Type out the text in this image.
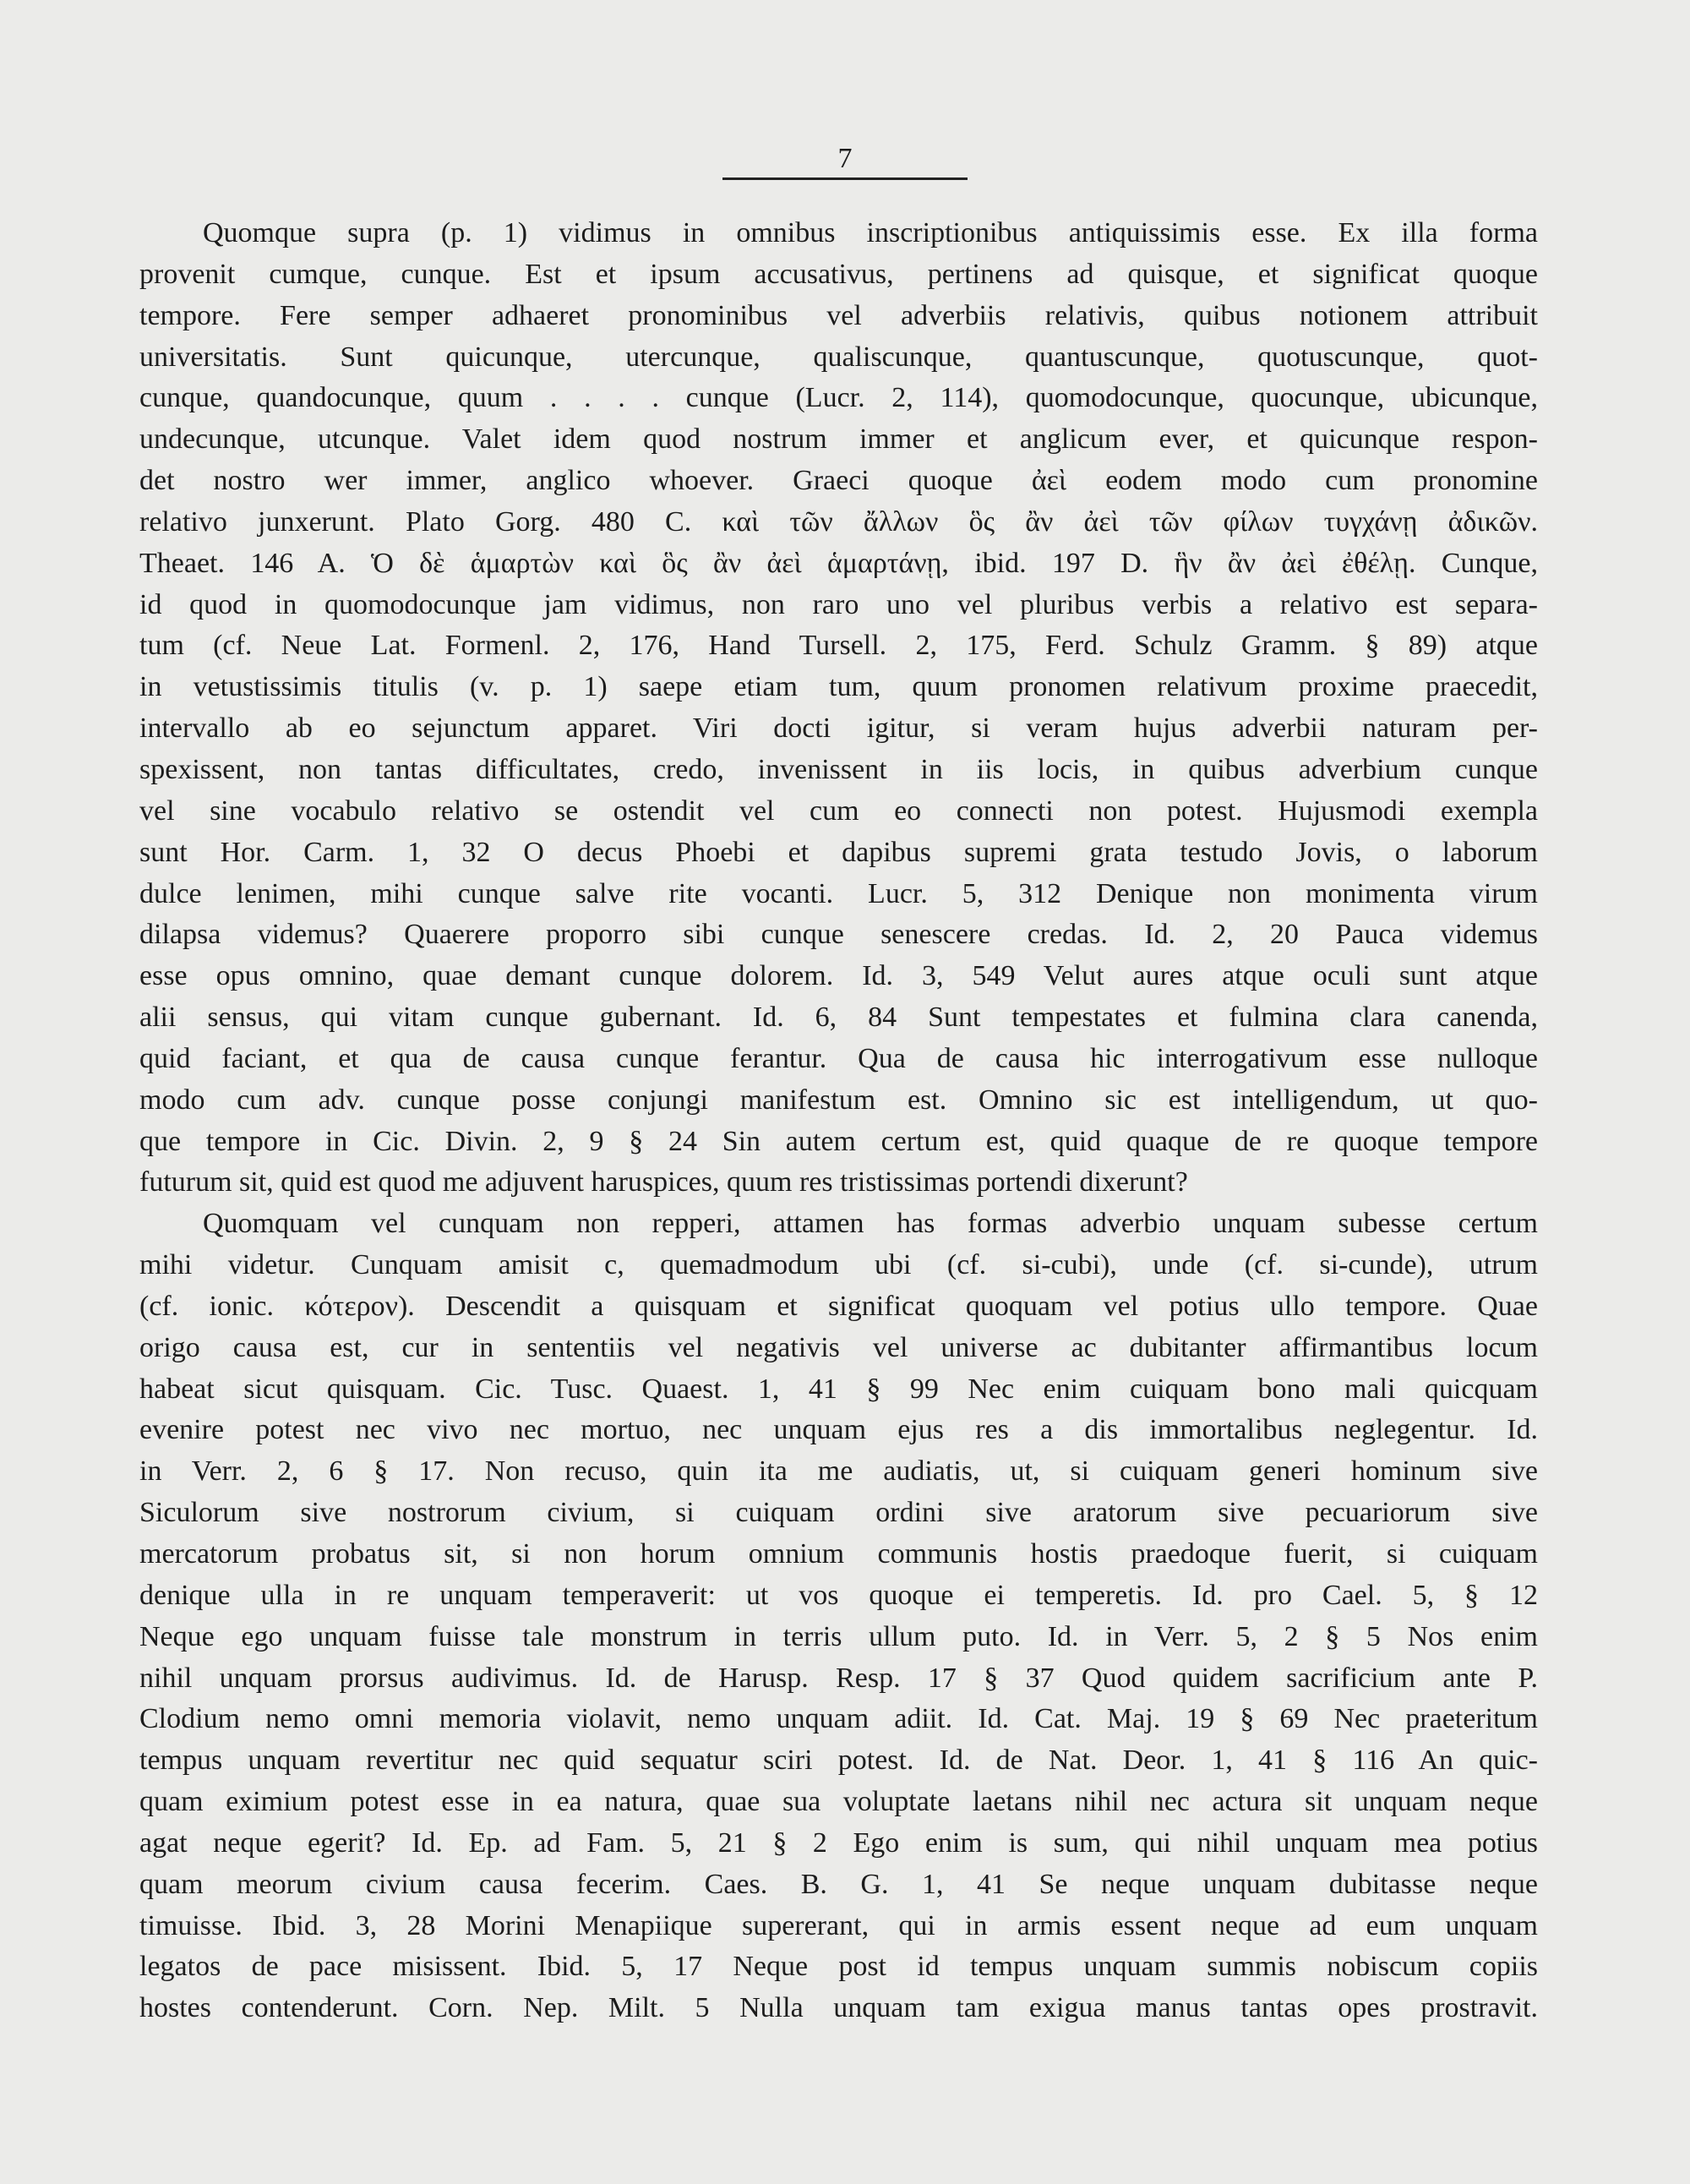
7
Quomque supra (p. 1) vidimus in omnibus inscriptionibus antiquissimis esse. Ex illa forma
provenit cumque, cunque. Est et ipsum accusativus, pertinens ad quisque, et significat quoque
tempore. Fere semper adhaeret pronominibus vel adverbiis relativis, quibus notionem attribuit
universitatis. Sunt quicunque, utercunque, qualiscunque, quantuscunque, quotuscunque, quot-
cunque, quandocunque, quum . . . . cunque (Lucr. 2, 114), quomodocunque, quocunque, ubicunque,
undecunque, utcunque. Valet idem quod nostrum immer et anglicum ever, et quicunque respon-
det nostro wer immer, anglico whoever. Graeci quoque ἀεὶ eodem modo cum pronomine
relativo junxerunt. Plato Gorg. 480 C. καὶ τῶν ἄλλων ὃς ἂν ἀεὶ τῶν φίλων τυγχάνῃ ἀδικῶν.
Theaet. 146 A. Ὁ δὲ ἁμαρτὼν καὶ ὃς ἂν ἀεὶ ἁμαρτάνῃ, ibid. 197 D. ἣν ἂν ἀεὶ ἐθέλῃ. Cunque,
id quod in quomodocunque jam vidimus, non raro uno vel pluribus verbis a relativo est separa-
tum (cf. Neue Lat. Formenl. 2, 176, Hand Tursell. 2, 175, Ferd. Schulz Gramm. § 89) atque
in vetustissimis titulis (v. p. 1) saepe etiam tum, quum pronomen relativum proxime praecedit,
intervallo ab eo sejunctum apparet. Viri docti igitur, si veram hujus adverbii naturam per-
spexissent, non tantas difficultates, credo, invenissent in iis locis, in quibus adverbium cunque
vel sine vocabulo relativo se ostendit vel cum eo connecti non potest. Hujusmodi exempla
sunt Hor. Carm. 1, 32 O decus Phoebi et dapibus supremi grata testudo Jovis, o laborum
dulce lenimen, mihi cunque salve rite vocanti. Lucr. 5, 312 Denique non monimenta virum
dilapsa videmus? Quaerere proporro sibi cunque senescere credas. Id. 2, 20 Pauca videmus
esse opus omnino, quae demant cunque dolorem. Id. 3, 549 Velut aures atque oculi sunt atque
alii sensus, qui vitam cunque gubernant. Id. 6, 84 Sunt tempestates et fulmina clara canenda,
quid faciant, et qua de causa cunque ferantur. Qua de causa hic interrogativum esse nulloque
modo cum adv. cunque posse conjungi manifestum est. Omnino sic est intelligendum, ut quo-
que tempore in Cic. Divin. 2, 9 § 24 Sin autem certum est, quid quaque de re quoque tempore
futurum sit, quid est quod me adjuvent haruspices, quum res tristissimas portendi dixerunt?
Quomquam vel cunquam non repperi, attamen has formas adverbio unquam subesse certum
mihi videtur. Cunquam amisit c, quemadmodum ubi (cf. si-cubi), unde (cf. si-cunde), utrum
(cf. ionic. κότερον). Descendit a quisquam et significat quoquam vel potius ullo tempore. Quae
origo causa est, cur in sententiis vel negativis vel universe ac dubitanter affirmantibus locum
habeat sicut quisquam. Cic. Tusc. Quaest. 1, 41 § 99 Nec enim cuiquam bono mali quicquam
evenire potest nec vivo nec mortuo, nec unquam ejus res a dis immortalibus neglegentur. Id.
in Verr. 2, 6 § 17. Non recuso, quin ita me audiatis, ut, si cuiquam generi hominum sive
Siculorum sive nostrorum civium, si cuiquam ordini sive aratorum sive pecuariorum sive
mercatorum probatus sit, si non horum omnium communis hostis praedoque fuerit, si cuiquam
denique ulla in re unquam temperaverit: ut vos quoque ei temperetis. Id. pro Cael. 5, § 12
Neque ego unquam fuisse tale monstrum in terris ullum puto. Id. in Verr. 5, 2 § 5 Nos enim
nihil unquam prorsus audivimus. Id. de Harusp. Resp. 17 § 37 Quod quidem sacrificium ante P.
Clodium nemo omni memoria violavit, nemo unquam adiit. Id. Cat. Maj. 19 § 69 Nec praeteritum
tempus unquam revertitur nec quid sequatur sciri potest. Id. de Nat. Deor. 1, 41 § 116 An quic-
quam eximium potest esse in ea natura, quae sua voluptate laetans nihil nec actura sit unquam neque
agat neque egerit? Id. Ep. ad Fam. 5, 21 § 2 Ego enim is sum, qui nihil unquam mea potius
quam meorum civium causa fecerim. Caes. B. G. 1, 41 Se neque unquam dubitasse neque
timuisse. Ibid. 3, 28 Morini Menapiique supererant, qui in armis essent neque ad eum unquam
legatos de pace misissent. Ibid. 5, 17 Neque post id tempus unquam summis nobiscum copiis
hostes contenderunt. Corn. Nep. Milt. 5 Nulla unquam tam exigua manus tantas opes prostravit.
